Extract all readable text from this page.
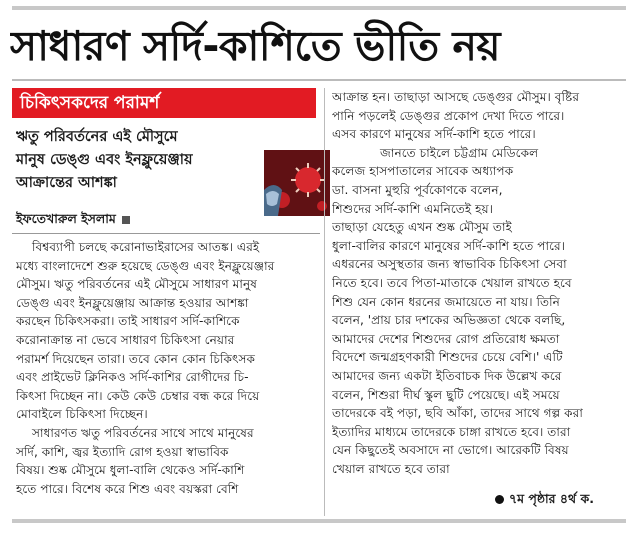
সাধারণ সর্দি-কাশিতে ভীতি নয়
চিকিৎসকদের পরামর্শ
ঋতু পরিবর্তনের এই মৌসুমে
মানুষ ডেঙ্গু এবং ইনফ্লুয়েঞ্জায়
আক্রান্তের আশঙ্কা
ইফতেখারুল ইসলাম

বিশ্বব্যাপী চলছে করোনাভাইরাসের আতঙ্ক। এরই

মধ্যে বাংলাদেশে শুরু হয়েছে ডেঙ্গু এবং ইনফ্লুয়েঞ্জার

মৌসুম। ঋতু পরিবর্তনের এই মৌসুমে সাধারণ মানুষ

ডেঙ্গু এবং ইনফ্লুয়েঞ্জায় আক্রান্ত হওয়ার আশঙ্কা

করছেন চিকিৎসকরা। তাই সাধারণ সর্দি-কাশিকে

করোনাক্রান্ত না ভেবে সাধারণ চিকিৎসা নেয়ার

পরামর্শ দিয়েছেন তারা। তবে কোন কোন চিকিৎসক

এবং প্রাইভেট ক্লিনিকও সর্দি-কাশির রোগীদের চি-

কিৎসা দিচ্ছেন না। কেউ কেউ চেম্বার বন্ধ করে দিয়ে

মোবাইলে চিকিৎসা দিচ্ছেন।

সাধারণত ঋতু পরিবর্তনের সাথে সাথে মানুষের

সর্দি, কাশি, জ্বর ইত্যাদি রোগ হওয়া স্বাভাবিক

বিষয়। শুষ্ক মৌসুমে ধুলা-বালি থেকেও সর্দি-কাশি

হতে পারে। বিশেষ করে শিশু এবং বয়স্করা বেশি

আক্রান্ত হন। তাছাড়া আসছে ডেঙ্গুর মৌসুম। বৃষ্টির

পানি পড়লেই ডেঙ্গুর প্রকোপ দেখা দিতে পারে।

এসব কারণে মানুষের সর্দি-কাশি হতে পারে।

জানতে চাইলে চট্টগ্রাম মেডিকেল

কলেজ হাসপাতালের সাবেক অধ্যাপক

ডা. বাসনা মুহুরি পূর্বকোণকে বলেন,

শিশুদের সর্দি-কাশি এমনিতেই হয়।

তাছাড়া যেহেতু এখন শুষ্ক মৌসুম তাই

ধুলা-বালির কারণে মানুষের সর্দি-কাশি হতে পারে।

এধরনের অসুস্থতার জন্য স্বাভাবিক চিকিৎসা সেবা

নিতে হবে। তবে পিতা-মাতাকে খেয়াল রাখতে হবে

শিশু যেন কোন ধরনের জমায়েতে না যায়। তিনি

বলেন, 'প্রায় চার দশকের অভিজ্ঞতা থেকে বলছি,

আমাদের দেশের শিশুদের রোগ প্রতিরোধ ক্ষমতা

বিদেশে জন্মগ্রহণকারী শিশুদের চেয়ে বেশি।' এটি

আমাদের জন্য একটা ইতিবাচক দিক উল্লেখ করে

বলেন, শিশুরা দীর্ঘ স্কুল ছুটি পেয়েছে। এই সময়ে

তাদেরকে বই পড়া, ছবি আঁকা, তাদের সাথে গল্প করা

ইত্যাদির মাধ্যমে তাদেরকে চাঙ্গা রাখতে হবে। তারা

যেন কিছুতেই অবসাদে না ভোগে। আরেকটি বিষয়

খেয়াল রাখতে হবে তারা

৭ম পৃষ্ঠার ৪র্থ ক.
